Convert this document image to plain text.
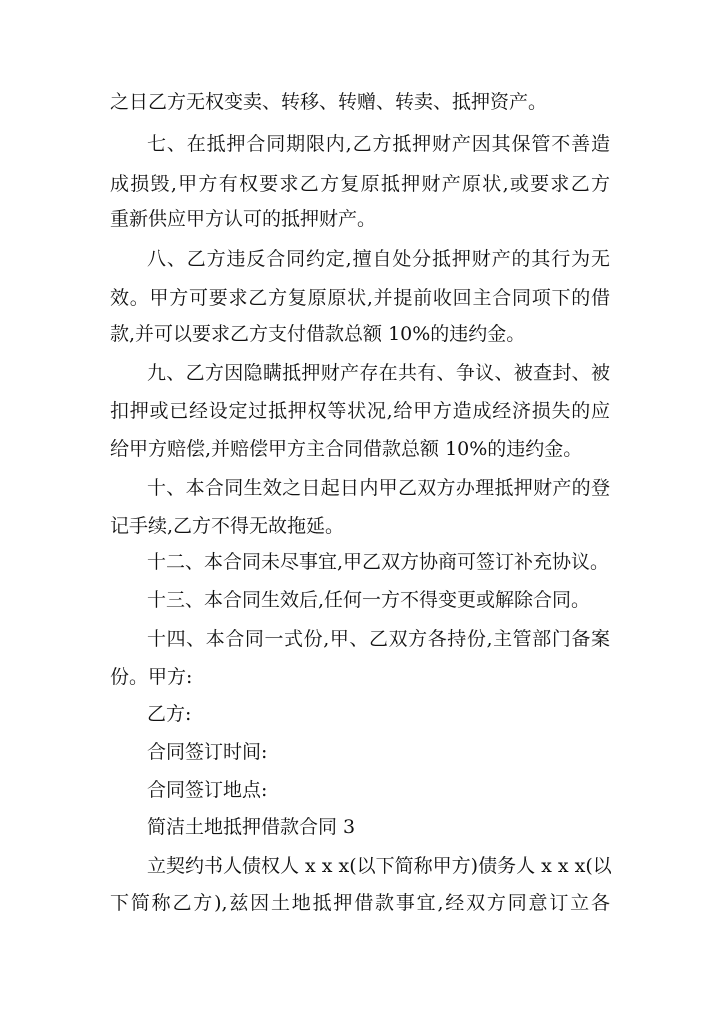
之日乙方无权变卖、转移、转赠、转卖、抵押资产。
七、在抵押合同期限内,乙方抵押财产因其保管不善造
成损毁,甲方有权要求乙方复原抵押财产原状,或要求乙方
重新供应甲方认可的抵押财产。
八、乙方违反合同约定,擅自处分抵押财产的其行为无
效。甲方可要求乙方复原原状,并提前收回主合同项下的借
款,并可以要求乙方支付借款总额 10%的违约金。
九、乙方因隐瞒抵押财产存在共有、争议、被查封、被
扣押或已经设定过抵押权等状况,给甲方造成经济损失的应
给甲方赔偿,并赔偿甲方主合同借款总额 10%的违约金。
十、本合同生效之日起日内甲乙双方办理抵押财产的登
记手续,乙方不得无故拖延。
十二、本合同未尽事宜,甲乙双方协商可签订补充协议。
十三、本合同生效后,任何一方不得变更或解除合同。
十四、本合同一式份,甲、乙双方各持份,主管部门备案
份。甲方:
乙方:
合同签订时间:
合同签订地点:
简洁土地抵押借款合同 3
立契约书人债权人 x x x(以下简称甲方)债务人 x x x(以
下简称乙方),兹因土地抵押借款事宜,经双方同意订立各
